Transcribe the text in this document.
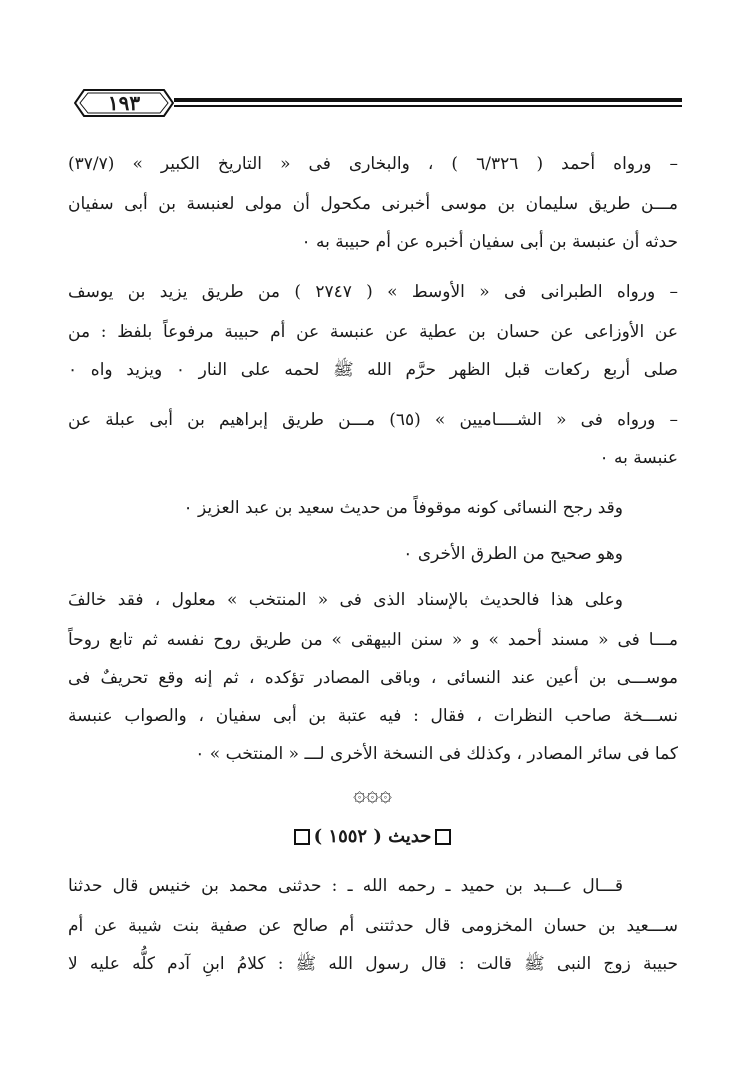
١٩٣
– ورواه أحمد ( ٦/٣٢٦ ) ، والبخارى فى « التاريخ الكبير » (٣٧/٧)
مـــن طريق سليمان بن موسى أخبرنى مكحول أن مولى لعنبسة بن أبى سفيان
حدثه أن عنبسة بن أبى سفيان أخبره عن أم حبيبة به ٠
– ورواه الطبرانى فى « الأوسط » ( ٢٧٤٧ ) من طريق يزيد بن يوسف
عن الأوزاعى عن حسان بن عطية عن عنبسة عن أم حبيبة مرفوعاً بلفظ : من
صلى أربع ركعات قبل الظهر حرَّم الله ﷺ لحمه على النار ٠ ويزيد واه ٠
– ورواه فى « الشــــاميين » (٦٥) مـــن طريق إبراهيم بن أبى عبلة عن
عنبسة به ٠
وقد رجح النسائى كونه موقوفاً من حديث سعيد بن عبد العزيز ٠
وهو صحيح من الطرق الأخرى ٠
وعلى هذا فالحديث بالإسناد الذى فى « المنتخب » معلول ، فقد خالفَ
مـــا فى « مسند أحمد » و « سنن البيهقى » من طريق روح نفسه ثم تابع روحاً
موســـى بن أعين عند النسائى ، وباقى المصادر تؤكده ، ثم إنه وقع تحريفٌ فى
نســـخة صاحب النظرات ، فقال : فيه عتبة بن أبى سفيان ، والصواب عنبسة
كما فى سائر المصادر ، وكذلك فى النسخة الأخرى لـــ « المنتخب » ٠
۞۞۞
حديث ( ١٥٥٢ )
قـــال عـــبد بن حميد ـ رحمه الله ـ : حدثنى محمد بن خنيس قال حدثنا
ســـعيد بن حسان المخزومى قال حدثتنى أم صالح عن صفية بنت شيبة عن أم
حبيبة زوج النبى ﷺ قالت : قال رسول الله ﷺ : كلامُ ابنِ آدم كلُّه عليه لا
